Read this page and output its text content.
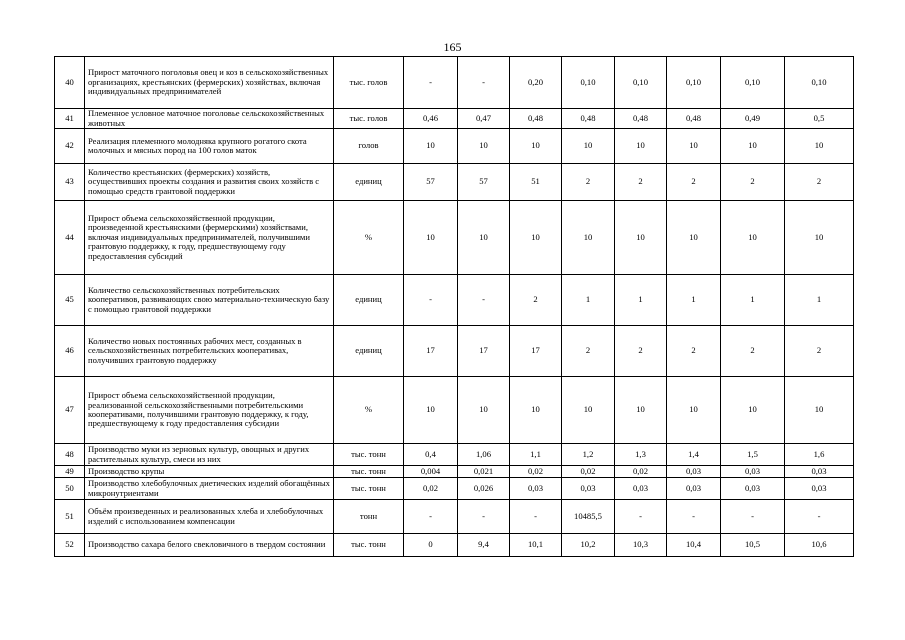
165
40	Прирост маточного поголовья овец и коз в сельскохозяйственных организациях, крестьянских (фермерских) хозяйствах, включая индивидуальных предпринимателей	тыс. голов	-	-	0,20	0,10	0,10	0,10	0,10	0,10
41	Племенное условное маточное поголовье сельскохозяйственных животных	тыс. голов	0,46	0,47	0,48	0,48	0,48	0,48	0,49	0,5
42	Реализация племенного молодняка крупного рогатого скота молочных и мясных пород на 100 голов маток	голов	10	10	10	10	10	10	10	10
43	Количество крестьянских (фермерских) хозяйств, осуществивших проекты создания и развития своих хозяйств с помощью средств грантовой поддержки	единиц	57	57	51	2	2	2	2	2
44	Прирост объема сельскохозяйственной продукции, произведенной крестьянскими (фермерскими) хозяйствами, включая индивидуальных предпринимателей, получившими грантовую поддержку, к году, предшествующему году предоставления субсидий	%	10	10	10	10	10	10	10	10
45	Количество сельскохозяйственных потребительских кооперативов, развивающих свою материально-техническую базу с помощью грантовой поддержки	единиц	-	-	2	1	1	1	1	1
46	Количество новых постоянных рабочих мест, созданных в сельскохозяйственных потребительских кооперативах, получивших грантовую поддержку	единиц	17	17	17	2	2	2	2	2
47	Прирост объема сельскохозяйственной продукции, реализованной сельскохозяйственными потребительскими кооперативами, получившими грантовую поддержку, к году, предшествующему к году предоставления субсидии	%	10	10	10	10	10	10	10	10
48	Производство муки из зерновых культур, овощных и других растительных культур, смеси из них	тыс. тонн	0,4	1,06	1,1	1,2	1,3	1,4	1,5	1,6
49	Производство крупы	тыс. тонн	0,004	0,021	0,02	0,02	0,02	0,03	0,03	0,03
50	Производство хлебобулочных диетических изделий обогащённых микронутриентами	тыс. тонн	0,02	0,026	0,03	0,03	0,03	0,03	0,03	0,03
51	Объём произведенных и реализованных хлеба и хлебобулочных изделий с использованием компенсации	тонн	-	-	-	10485,5	-	-	-	-
52	Производство сахара белого свекловичного в твердом состоянии	тыс. тонн	0	9,4	10,1	10,2	10,3	10,4	10,5	10,6
